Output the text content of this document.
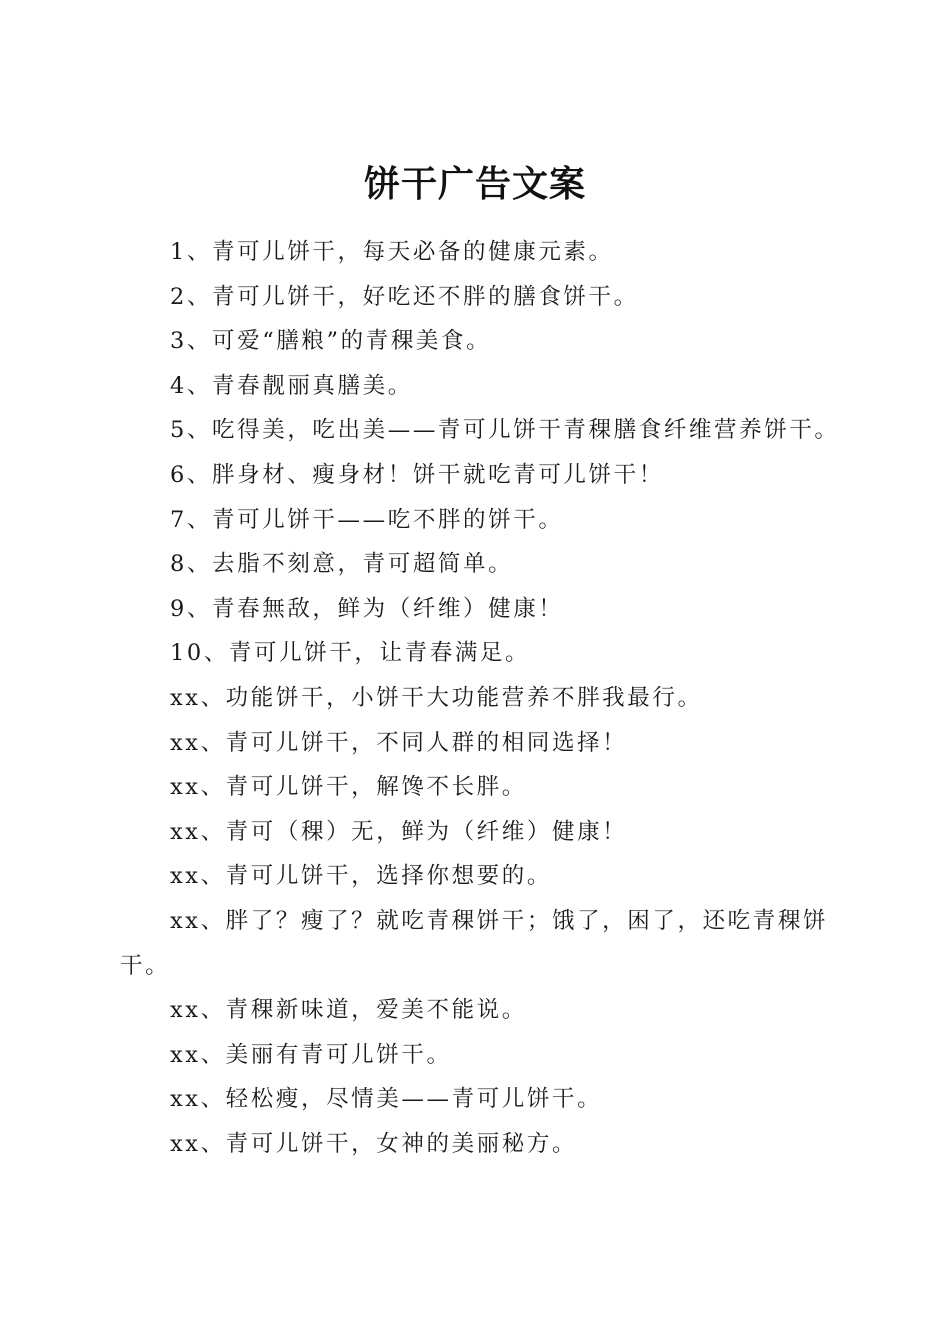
饼干广告文案

1、青可儿饼干，每天必备的健康元素。

2、青可儿饼干，好吃还不胖的膳食饼干。

3、可爱“膳粮”的青稞美食。

4、青春靓丽真膳美。

5、吃得美，吃出美——青可儿饼干青稞膳食纤维营养饼干。

6、胖身材、瘦身材！饼干就吃青可儿饼干！

7、青可儿饼干——吃不胖的饼干。

8、去脂不刻意，青可超简单。

9、青春無敌，鲜为（纤维）健康！

10、青可儿饼干，让青春满足。

xx、功能饼干，小饼干大功能营养不胖我最行。

xx、青可儿饼干，不同人群的相同选择！

xx、青可儿饼干，解馋不长胖。

xx、青可（稞）无，鲜为（纤维）健康！

xx、青可儿饼干，选择你想要的。

xx、胖了？瘦了？就吃青稞饼干；饿了，困了，还吃青稞饼干。

xx、青稞新味道，爱美不能说。

xx、美丽有青可儿饼干。

xx、轻松瘦，尽情美——青可儿饼干。

xx、青可儿饼干，女神的美丽秘方。
